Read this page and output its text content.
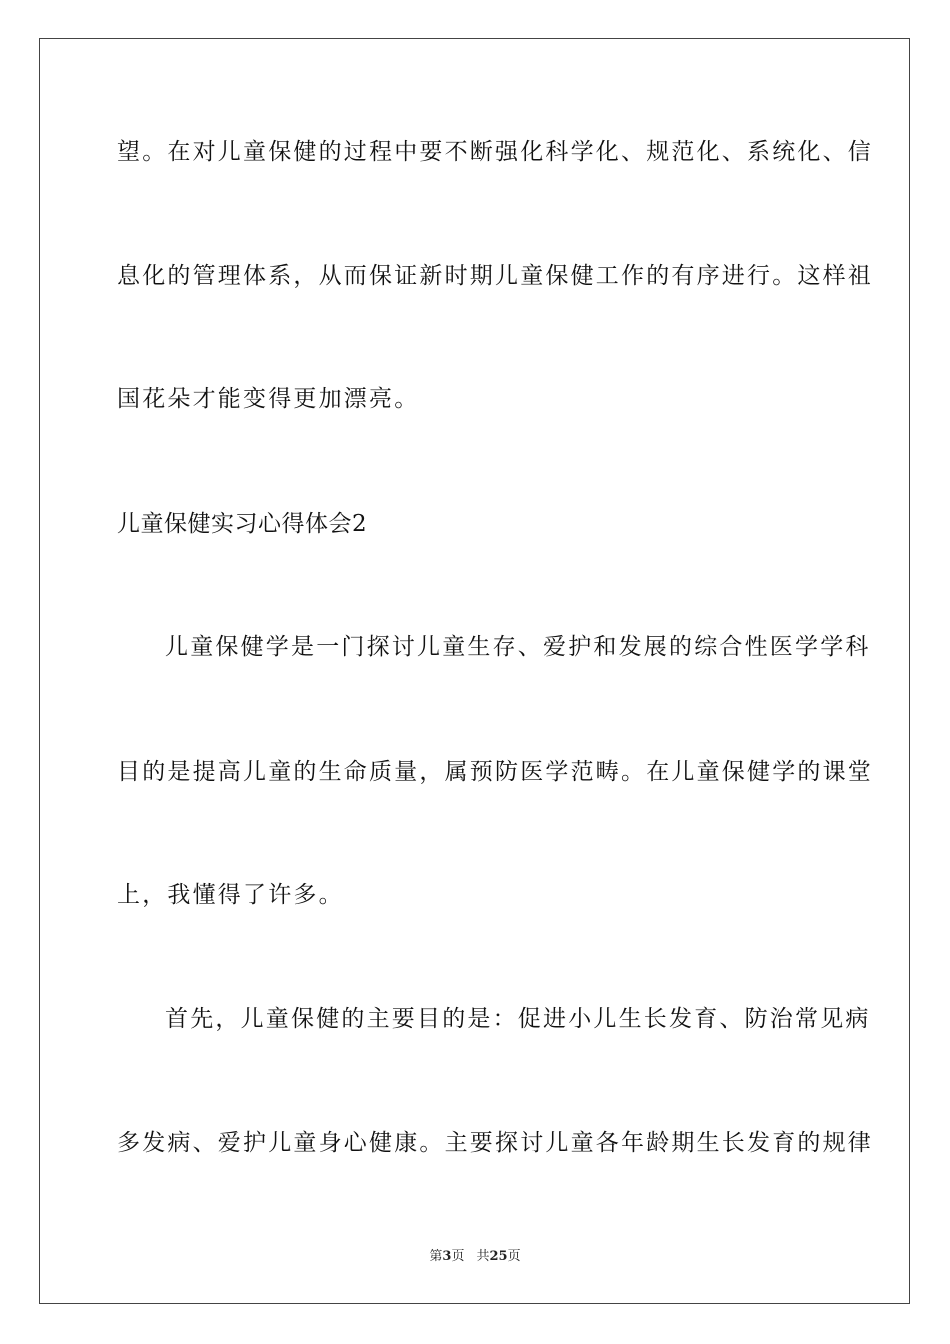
望。在对儿童保健的过程中要不断强化科学化、规范化、系统化、信
息化的管理体系，从而保证新时期儿童保健工作的有序进行。这样祖
国花朵才能变得更加漂亮。
儿童保健实习心得体会2
儿童保健学是一门探讨儿童生存、爱护和发展的综合性医学学科
目的是提高儿童的生命质量，属预防医学范畴。在儿童保健学的课堂
上，我懂得了许多。
首先，儿童保健的主要目的是：促进小儿生长发育、防治常见病
多发病、爱护儿童身心健康。主要探讨儿童各年龄期生长发育的规律
第3页 共25页
